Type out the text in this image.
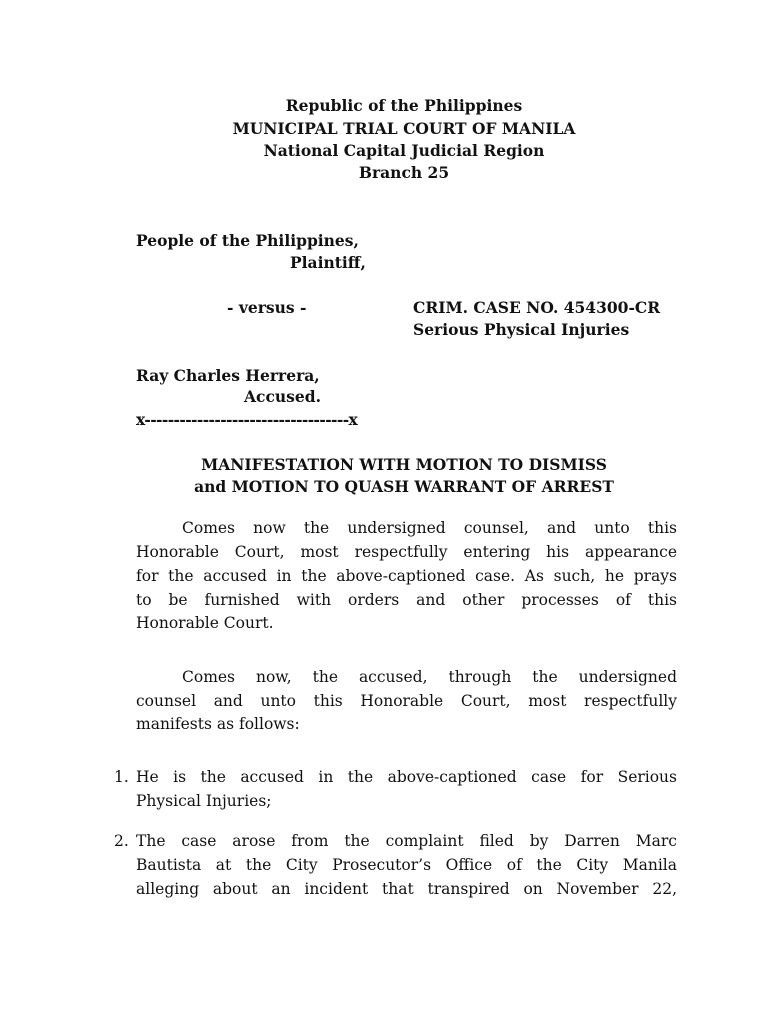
Republic of the Philippines
MUNICIPAL TRIAL COURT OF MANILA
National Capital Judicial Region
Branch 25
People of the Philippines,
Plaintiff,
- versus -	CRIM. CASE NO. 454300-CR
Serious Physical Injuries
Ray Charles Herrera,
Accused.
x-----------------------------------x
MANIFESTATION WITH MOTION TO DISMISS
and MOTION TO QUASH WARRANT OF ARREST
Comes now the undersigned counsel, and unto this
Honorable Court, most respectfully entering his appearance
for the accused in the above-captioned case. As such, he prays
to be furnished with orders and other processes of this
Honorable Court.
Comes now, the accused, through the undersigned
counsel and unto this Honorable Court, most respectfully
manifests as follows:
1. He is the accused in the above-captioned case for Serious
Physical Injuries;
2. The case arose from the complaint filed by Darren Marc
Bautista at the City Prosecutor’s Office of the City Manila
alleging about an incident that transpired on November 22,
